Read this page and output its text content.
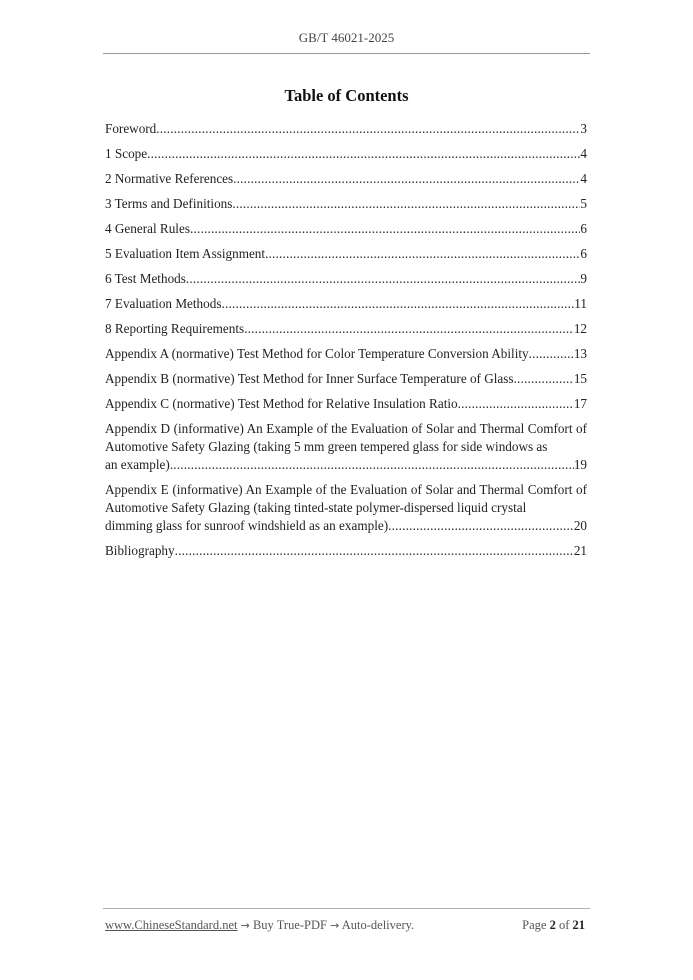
GB/T 46021-2025
Table of Contents
Foreword .....	3
1 Scope .....	4
2 Normative References .....	4
3 Terms and Definitions .....	5
4 General Rules .....	6
5 Evaluation Item Assignment .....	6
6 Test Methods .....	9
7 Evaluation Methods .....	11
8 Reporting Requirements .....	12
Appendix A (normative) Test Method for Color Temperature Conversion Ability .....	13
Appendix B (normative) Test Method for Inner Surface Temperature of Glass .....	15
Appendix C (normative) Test Method for Relative Insulation Ratio .....	17
Appendix D (informative) An Example of the Evaluation of Solar and Thermal Comfort of Automotive Safety Glazing (taking 5 mm green tempered glass for side windows as
an example) .....	19
Appendix E (informative) An Example of the Evaluation of Solar and Thermal Comfort of Automotive Safety Glazing (taking tinted-state polymer-dispersed liquid crystal
dimming glass for sunroof windshield as an example) .....	20
Bibliography .....	21
www.ChineseStandard.net → Buy True-PDF → Auto-delivery.	Page 2 of 21
